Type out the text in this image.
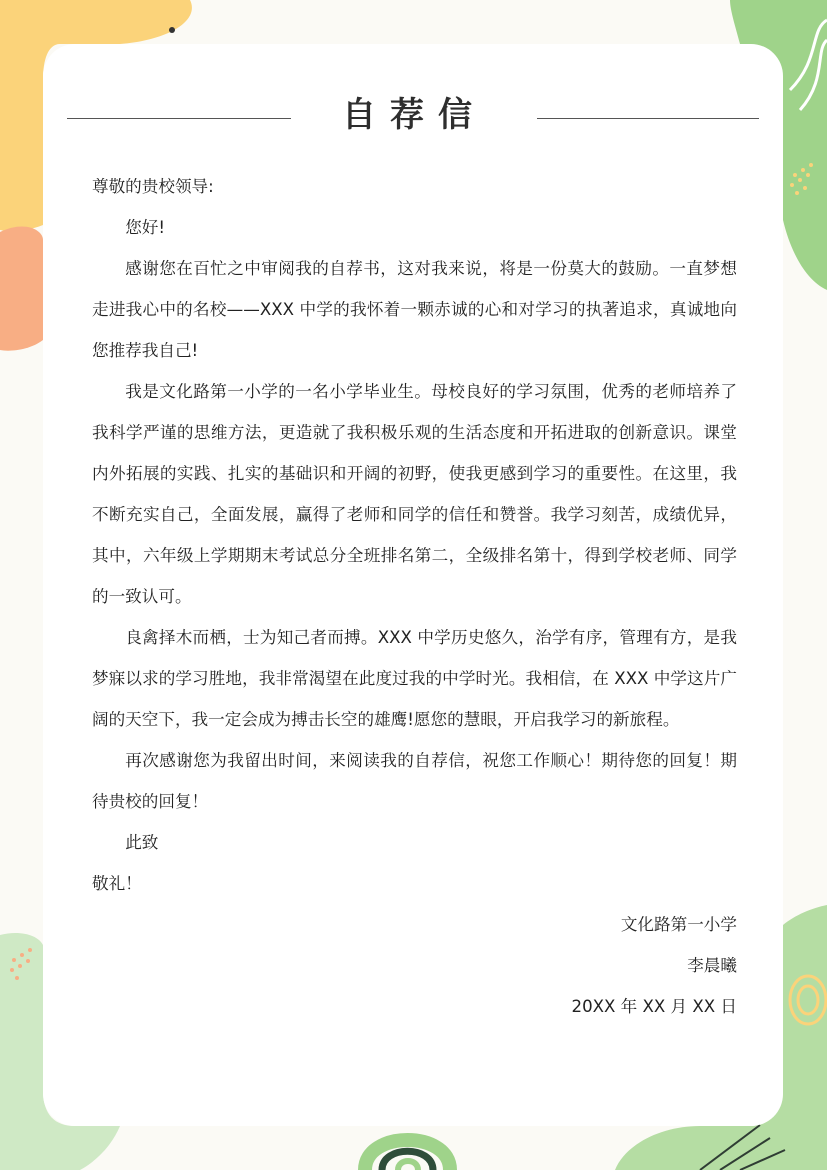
自荐信

尊敬的贵校领导:

您好!

感谢您在百忙之中审阅我的自荐书，这对我来说，将是一份莫大的鼓励。一直梦想走进我心中的名校——XXX 中学的我怀着一颗赤诚的心和对学习的执著追求，真诚地向您推荐我自己!

我是文化路第一小学的一名小学毕业生。母校良好的学习氛围，优秀的老师培养了我科学严谨的思维方法，更造就了我积极乐观的生活态度和开拓进取的创新意识。课堂内外拓展的实践、扎实的基础识和开阔的初野，使我更感到学习的重要性。在这里，我不断充实自己，全面发展，赢得了老师和同学的信任和赞誉。我学习刻苦，成绩优异，其中，六年级上学期期末考试总分全班排名第二，全级排名第十，得到学校老师、同学的一致认可。

良禽择木而栖，士为知己者而搏。XXX 中学历史悠久，治学有序，管理有方，是我梦寐以求的学习胜地，我非常渴望在此度过我的中学时光。我相信，在 XXX 中学这片广阔的天空下，我一定会成为搏击长空的雄鹰!愿您的慧眼，开启我学习的新旅程。

再次感谢您为我留出时间，来阅读我的自荐信，祝您工作顺心！期待您的回复！期待贵校的回复！

此致

敬礼！

文化路第一小学

李晨曦

20XX 年 XX 月 XX 日
